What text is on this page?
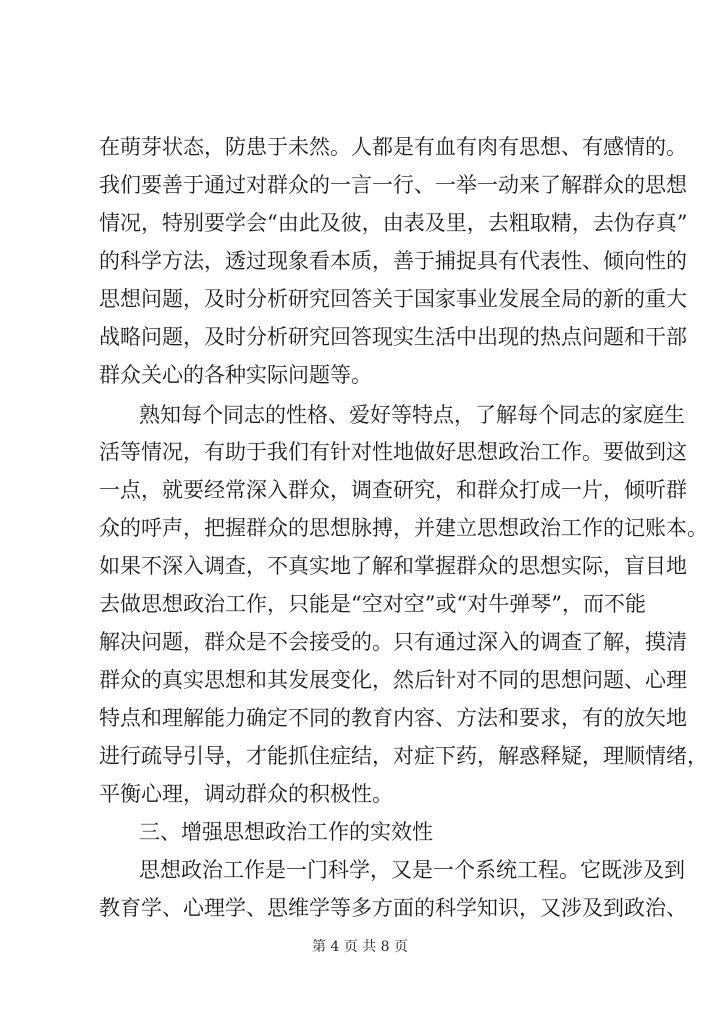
在萌芽状态，防患于未然。人都是有血有肉有思想、有感情的。
我们要善于通过对群众的一言一行、一举一动来了解群众的思想
情况，特别要学会“由此及彼，由表及里，去粗取精，去伪存真”
的科学方法，透过现象看本质，善于捕捉具有代表性、倾向性的
思想问题，及时分析研究回答关于国家事业发展全局的新的重大
战略问题，及时分析研究回答现实生活中出现的热点问题和干部
群众关心的各种实际问题等。
熟知每个同志的性格、爱好等特点，了解每个同志的家庭生
活等情况，有助于我们有针对性地做好思想政治工作。要做到这
一点，就要经常深入群众，调查研究，和群众打成一片，倾听群
众的呼声，把握群众的思想脉搏，并建立思想政治工作的记账本。
如果不深入调查，不真实地了解和掌握群众的思想实际，盲目地
去做思想政治工作，只能是“空对空”或“对牛弹琴”，而不能
解决问题，群众是不会接受的。只有通过深入的调查了解，摸清
群众的真实思想和其发展变化，然后针对不同的思想问题、心理
特点和理解能力确定不同的教育内容、方法和要求，有的放矢地
进行疏导引导，才能抓住症结，对症下药，解惑释疑，理顺情绪，
平衡心理，调动群众的积极性。
三、增强思想政治工作的实效性
思想政治工作是一门科学，又是一个系统工程。它既涉及到
教育学、心理学、思维学等多方面的科学知识，又涉及到政治、
第 4 页 共 8 页
